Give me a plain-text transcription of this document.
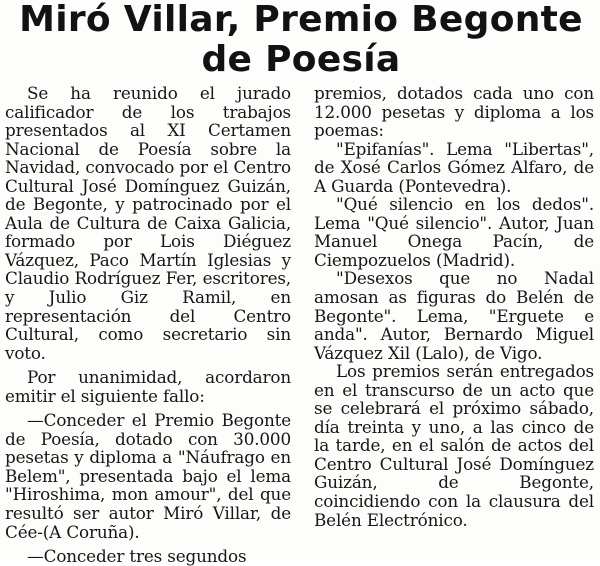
Miró Villar, Premio Begonte
de Poesía

Se ha reunido el jurado calificador de los trabajos presentados al XI Certamen Nacional de Poesía sobre la Navidad, convocado por el Centro Cultural José Domínguez Guizán, de Begonte, y patrocinado por el Aula de Cultura de Caixa Galicia, formado por Lois Diéguez Vázquez, Paco Martín Iglesias y Claudio Rodríguez Fer, escritores, y Julio Giz Ramil, en representación del Centro Cultural, como secretario sin voto.

Por unanimidad, acordaron emitir el siguiente fallo:

—Conceder el Premio Begonte de Poesía, dotado con 30.000 pesetas y diploma a "Náufrago en Belem", presentada bajo el lema "Hiroshima, mon amour", del que resultó ser autor Miró Villar, de Cée-(A Coruña).

—Conceder tres segundos

premios, dotados cada uno con 12.000 pesetas y diploma a los poemas:

"Epifanías". Lema "Libertas", de Xosé Carlos Gómez Alfaro, de A Guarda (Pontevedra).

"Qué silencio en los dedos". Lema "Qué silencio". Autor, Juan Manuel Onega Pacín, de Ciempozuelos (Madrid).

"Desexos que no Nadal amosan as figuras do Belén de Begonte". Lema, "Erguete e anda". Autor, Bernardo Miguel Vázquez Xil (Lalo), de Vigo.

Los premios serán entregados en el transcurso de un acto que se celebrará el próximo sábado, día treinta y uno, a las cinco de la tarde, en el salón de actos del Centro Cultural José Domínguez Guizán, de Begonte, coincidiendo con la clausura del Belén Electrónico.
